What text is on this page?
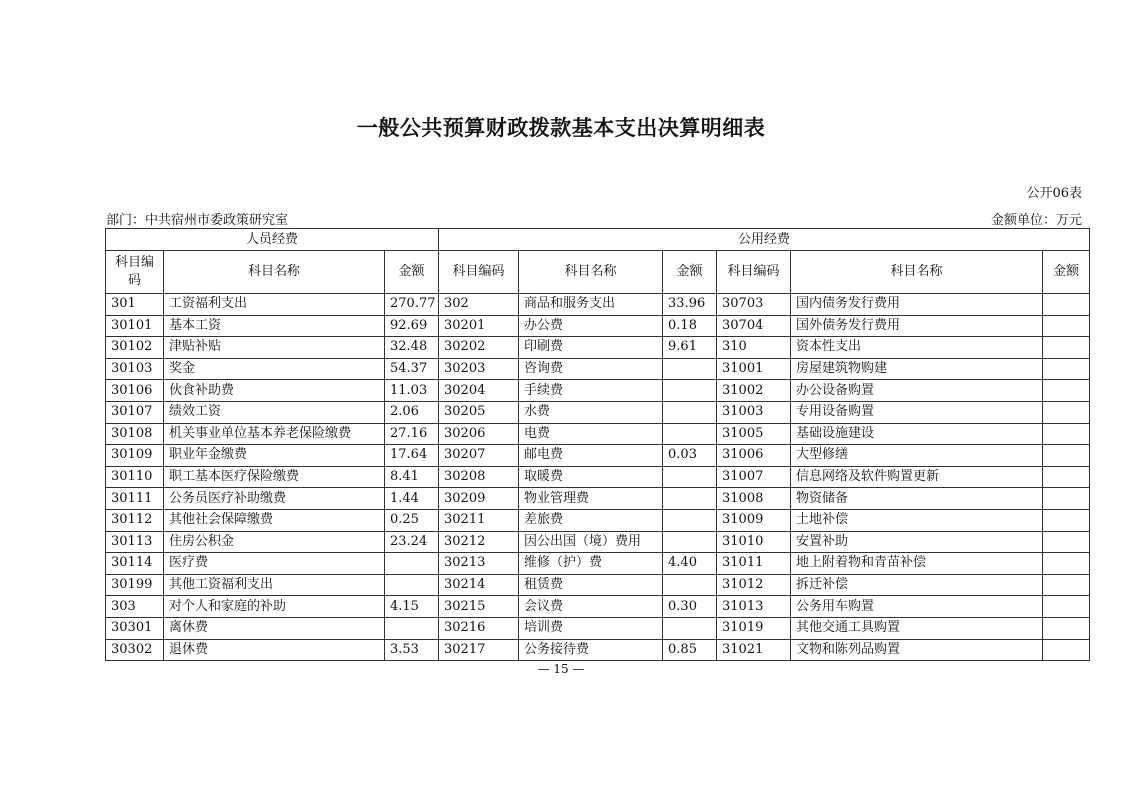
一般公共预算财政拨款基本支出决算明细表
公开06表
部门：中共宿州市委政策研究室	金额单位：万元
人员经费			公用经费					
科目编码	科目名称	金额	科目编码	科目名称	金额	科目编码	科目名称	金额
301	工资福利支出	270.77	302	商品和服务支出	33.96	30703	国内债务发行费用	
30101	基本工资	92.69	30201	办公费	0.18	30704	国外债务发行费用	
30102	津贴补贴	32.48	30202	印刷费	9.61	310	资本性支出	
30103	奖金	54.37	30203	咨询费		31001	房屋建筑物购建	
30106	伙食补助费	11.03	30204	手续费		31002	办公设备购置	
30107	绩效工资	2.06	30205	水费		31003	专用设备购置	
30108	机关事业单位基本养老保险缴费	27.16	30206	电费		31005	基础设施建设	
30109	职业年金缴费	17.64	30207	邮电费	0.03	31006	大型修缮	
30110	职工基本医疗保险缴费	8.41	30208	取暖费		31007	信息网络及软件购置更新	
30111	公务员医疗补助缴费	1.44	30209	物业管理费		31008	物资储备	
30112	其他社会保障缴费	0.25	30211	差旅费		31009	土地补偿	
30113	住房公积金	23.24	30212	因公出国（境）费用		31010	安置补助	
30114	医疗费		30213	维修（护）费	4.40	31011	地上附着物和青苗补偿	
30199	其他工资福利支出		30214	租赁费		31012	拆迁补偿	
303	对个人和家庭的补助	4.15	30215	会议费	0.30	31013	公务用车购置	
30301	离休费		30216	培训费		31019	其他交通工具购置	
30302	退休费	3.53	30217	公务接待费	0.85	31021	文物和陈列品购置	
— 15 —
